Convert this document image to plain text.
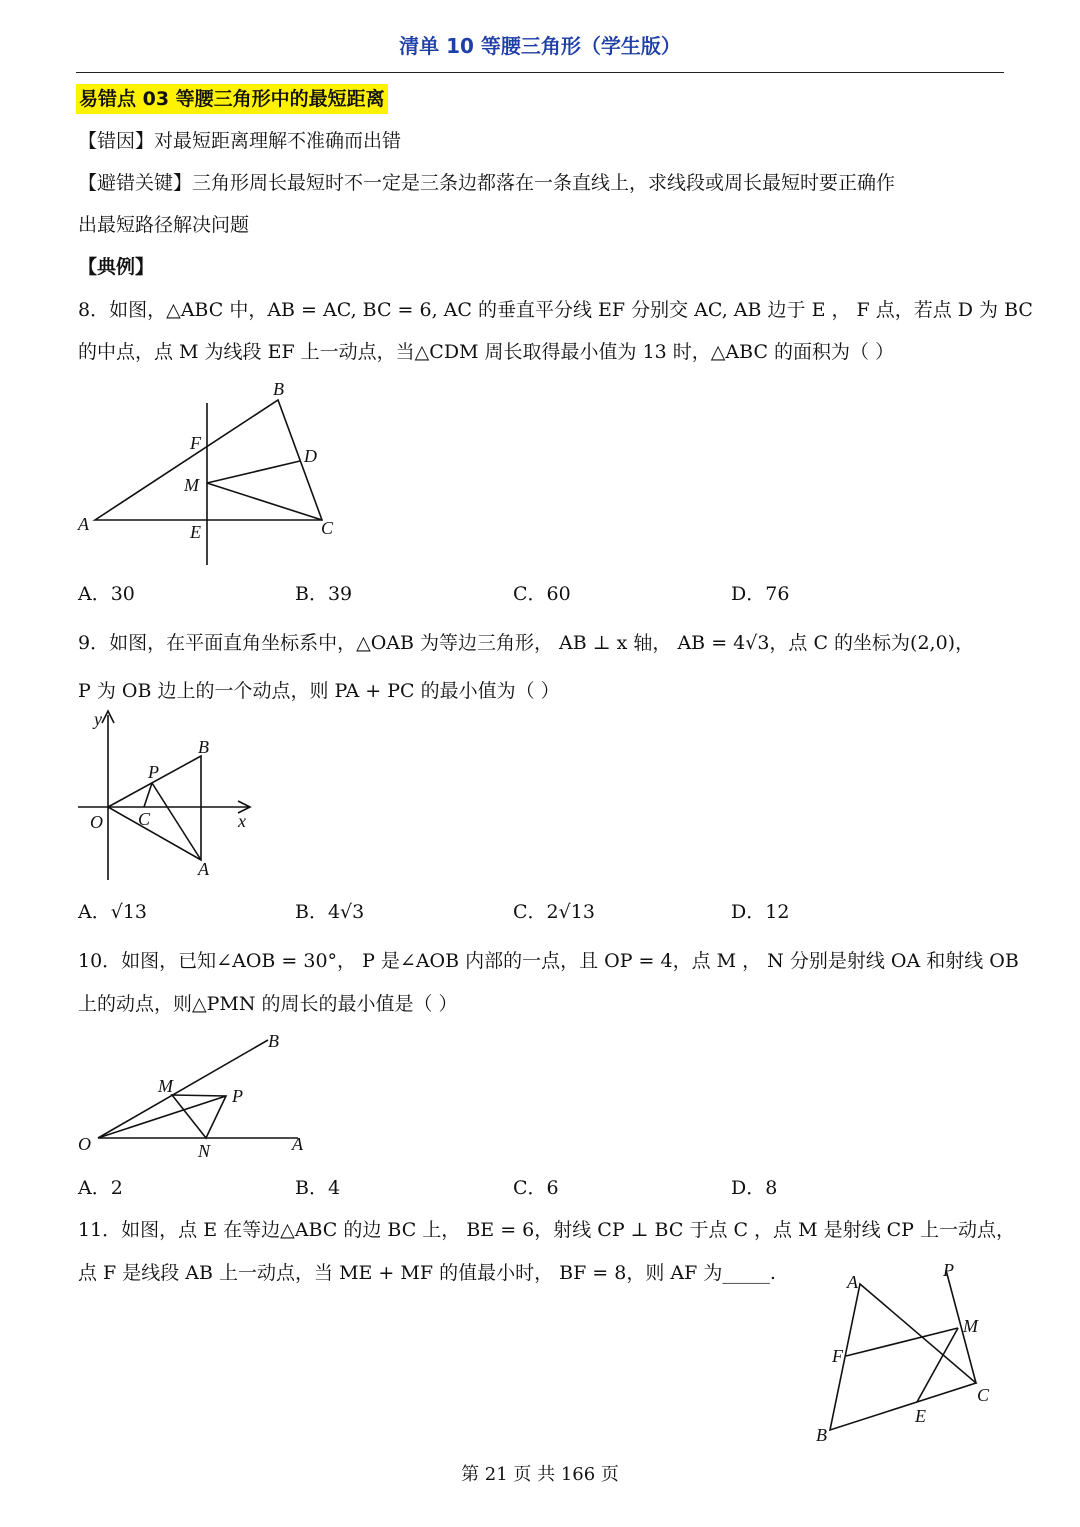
清单 10 等腰三角形（学生版）
易错点 03 等腰三角形中的最短距离
【错因】对最短距离理解不准确而出错
【避错关键】三角形周长最短时不一定是三条边都落在一条直线上，求线段或周长最短时要正确作
出最短路径解决问题
【典例】
8．如图，△ABC 中，AB = AC, BC = 6, AC 的垂直平分线 EF 分别交 AC, AB 边于 E ， F 点，若点 D 为 BC
的中点，点 M 为线段 EF 上一动点，当△CDM 周长取得最小值为 13 时，△ABC 的面积为（ ）
A
B
C
D
E
F
M
A．30	B．39	C．60	D．76
9．如图，在平面直角坐标系中，△OAB 为等边三角形， AB ⊥ x 轴， AB = 4√3，点 C 的坐标为(2,0)，
P 为 OB 边上的一个动点，则 PA + PC 的最小值为（ ）
y
x
O
A
B
C
P
A．√13	B．4√3	C．2√13	D．12
10．如图，已知∠AOB = 30°， P 是∠AOB 内部的一点，且 OP = 4，点 M ， N 分别是射线 OA 和射线 OB
上的动点，则△PMN 的周长的最小值是（ ）
O	A
B
M
N
P
A．2	B．4	C．6	D．8
11．如图，点 E 在等边△ABC 的边 BC 上， BE = 6，射线 CP ⊥ BC 于点 C ，点 M 是射线 CP 上一动点，
点 F 是线段 AB 上一动点，当 ME + MF 的值最小时， BF = 8，则 AF 为_____.	A
B
C
E
F
M
P
第 21 页 共 166 页
